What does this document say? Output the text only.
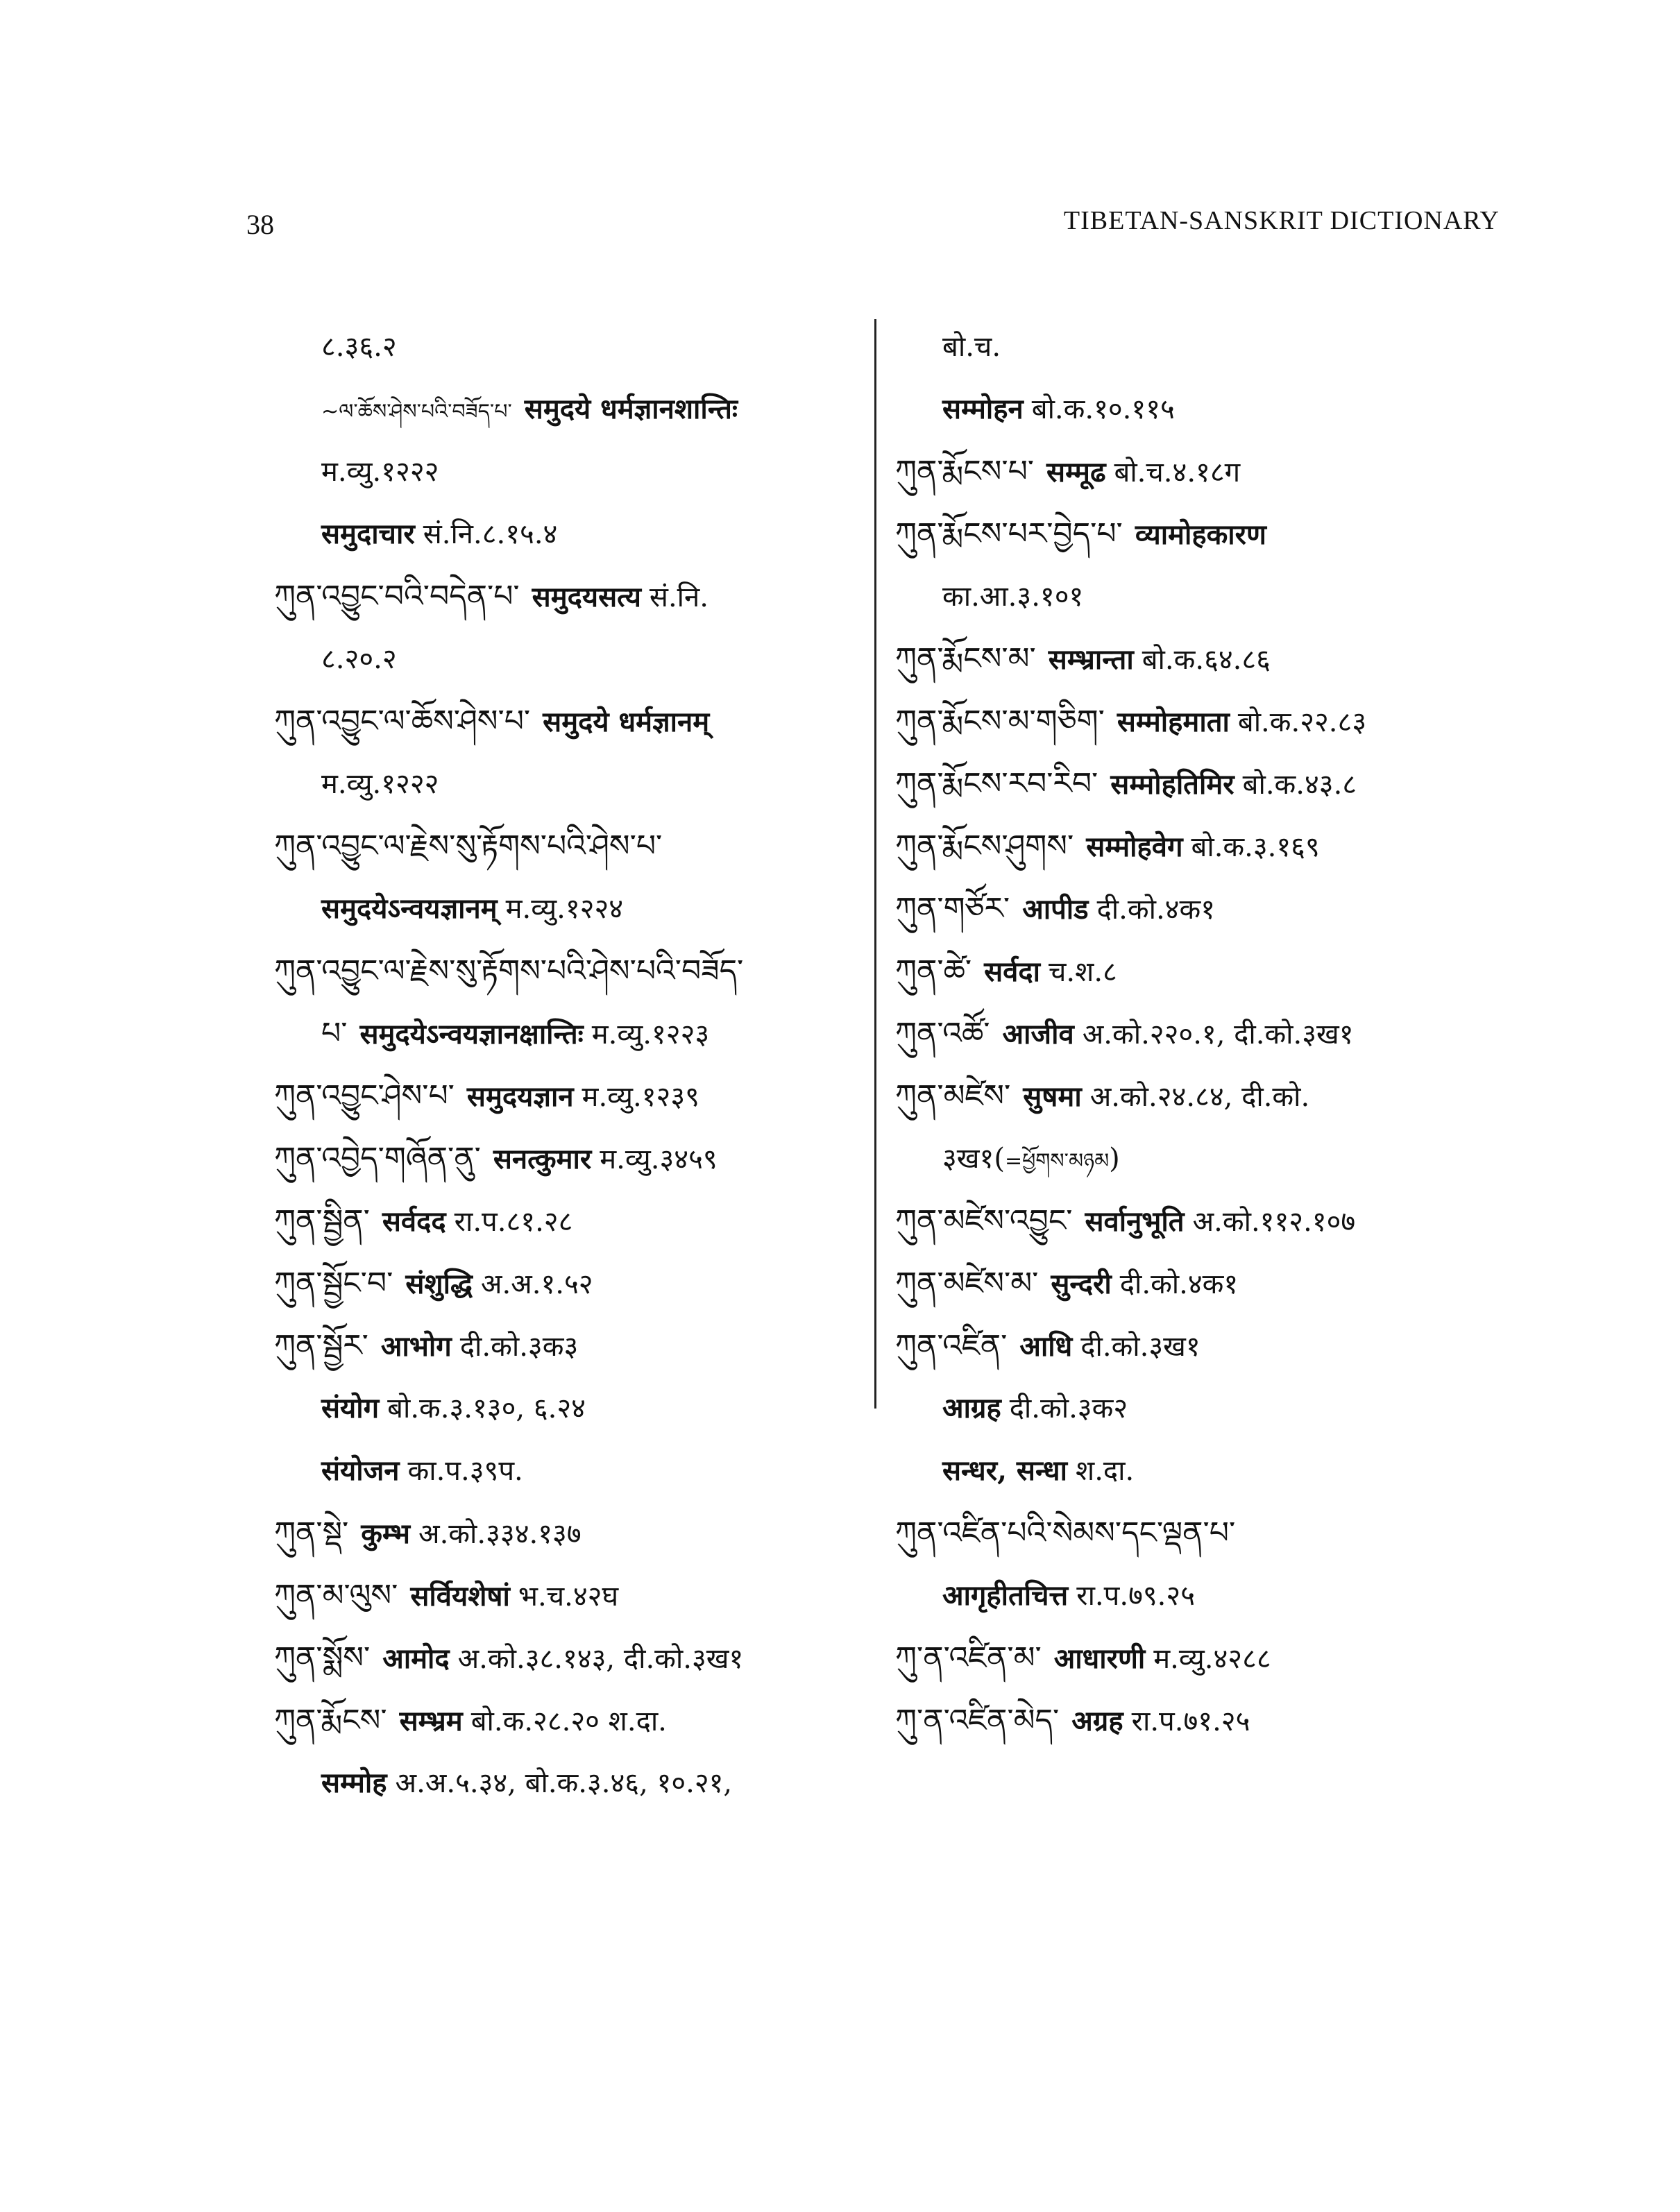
38	TIBETAN-SANSKRIT DICTIONARY
८.३६.२
~ལ་ཆོས་ཤེས་པའི་བཟོད་པ་ समुदये धर्मज्ञानशान्तिः
म.व्यु.१२२२
समुदाचार सं.नि.८.१५.४
ཀུན་འབྱུང་བའི་བདེན་པ་ समुदयसत्य सं.नि.
८.२०.२
ཀུན་འབྱུང་ལ་ཆོས་ཤེས་པ་ समुदये धर्मज्ञानम्
म.व्यु.१२२२
ཀུན་འབྱུང་ལ་རྗེས་སུ་རྟོགས་པའི་ཤེས་པ་
समुदयेऽन्वयज्ञानम् म.व्यु.१२२४
ཀུན་འབྱུང་ལ་རྗེས་སུ་རྟོགས་པའི་ཤེས་པའི་བཟོད་
པ་ समुदयेऽन्वयज्ञानक्षान्तिः म.व्यु.१२२३
ཀུན་འབྱུང་ཤེས་པ་ समुदयज्ञान म.व्यु.१२३९
ཀུན་འབྱེད་གཞོན་ནུ་ सनत्कुमार म.व्यु.३४५९
ཀུན་སྦྱིན་ सर्वदद रा.प.८१.२८
ཀུན་སྦྱོང་བ་ संशुद्धि अ.अ.१.५२
ཀུན་སྦྱོར་ आभोग दी.को.३क३
संयोग बो.क.३.१३०, ६.२४
संयोजन का.प.३९प.
ཀུན་སྡེ་ कुम्भ अ.को.३३४.१३७
ཀུན་མ་ལུས་ सर्वियशेषां भ.च.४२घ
ཀུན་སྨོས་ आमोद अ.को.३८.१४३, दी.को.३ख१
ཀུན་རྨོངས་ सम्भ्रम बो.क.२८.२० श.दा.
सम्मोह अ.अ.५.३४, बो.क.३.४६, १०.२१,
बो.च.
सम्मोहन बो.क.१०.११५
ཀུན་རྨོངས་པ་ सम्मूढ बो.च.४.१८ग
ཀུན་རྨོངས་པར་བྱེད་པ་ व्यामोहकारण
का.आ.३.१०१
ཀུན་རྨོངས་མ་ सम्भ्रान्ता बो.क.६४.८६
ཀུན་རྨོངས་མ་གཅིག་ सम्मोहमाता बो.क.२२.८३
ཀུན་རྨོངས་རབ་རིབ་ सम्मोहतिमिर बो.क.४३.८
ཀུན་རྨོངས་ཤུགས་ सम्मोहवेग बो.क.३.१६९
ཀུན་གཙོར་ आपीड दी.को.४क१
ཀུན་ཚེ་ सर्वदा च.श.८
ཀུན་འཚོ་ आजीव अ.को.२२०.१, दी.को.३ख१
ཀུན་མཛེས་ सुषमा अ.को.२४.८४, दी.को.
३ख१(=ཕྱོགས་མཉམ)
ཀུན་མཛེས་འབྱུང་ सर्वानुभूति अ.को.११२.१०७
ཀུན་མཛེས་མ་ सुन्दरी दी.को.४क१
ཀུན་འཛིན་ आधि दी.को.३ख१
आग्रह दी.को.३क२
सन्धर, सन्धा श.दा.
ཀུན་འཛིན་པའི་སེམས་དང་ལྡན་པ་
आगृहीतचित्त रा.प.७९.२५
ཀུ་ན་འཛིན་མ་ आधारणी म.व्यु.४२८८
ཀུ་ན་འཛིན་མེད་ अग्रह रा.प.७१.२५
